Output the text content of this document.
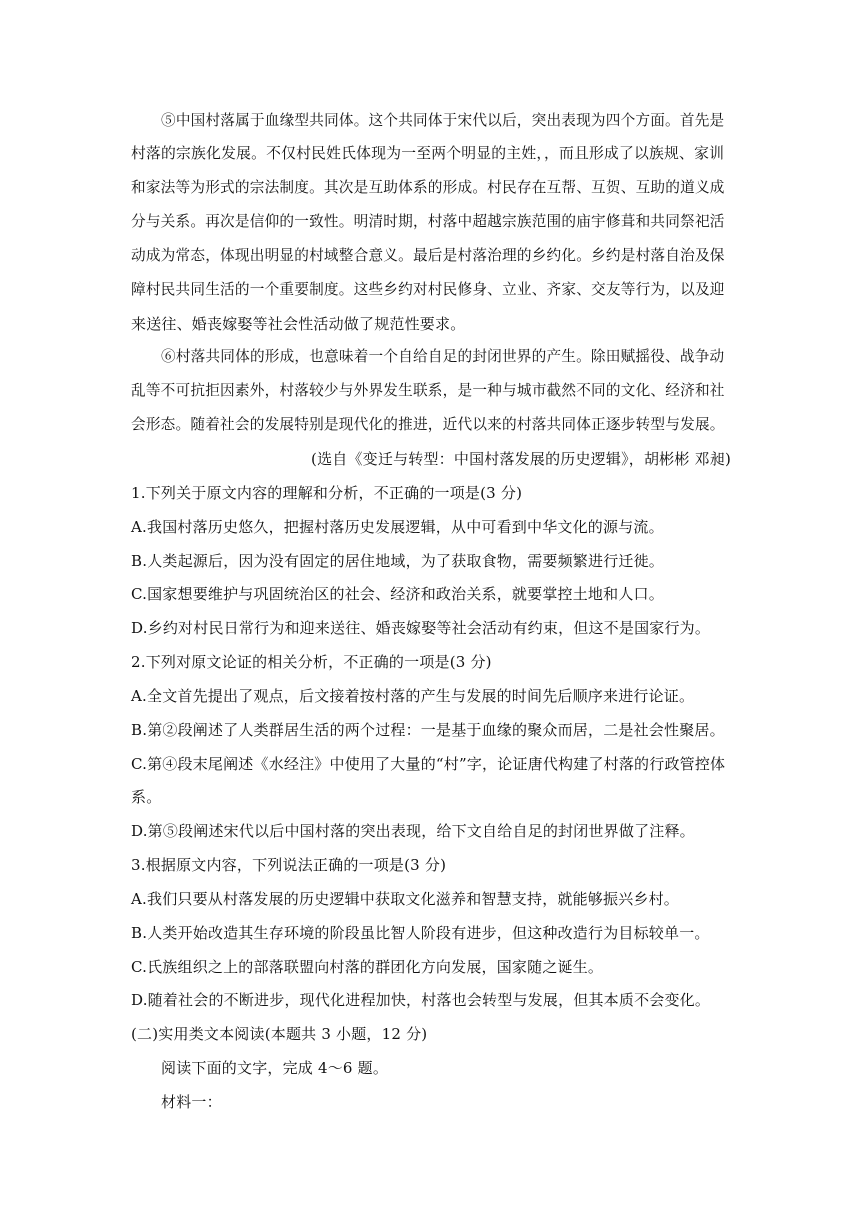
⑤中国村落属于血缘型共同体。这个共同体于宋代以后，突出表现为四个方面。首先是
村落的宗族化发展。不仅村民姓氏体现为一至两个明显的主姓，，而且形成了以族规、家训
和家法等为形式的宗法制度。其次是互助体系的形成。村民存在互帮、互贺、互助的道义成
分与关系。再次是信仰的一致性。明清时期，村落中超越宗族范围的庙宇修葺和共同祭祀活
动成为常态，体现出明显的村域整合意义。最后是村落治理的乡约化。乡约是村落自治及保
障村民共同生活的一个重要制度。这些乡约对村民修身、立业、齐家、交友等行为，以及迎
来送往、婚丧嫁娶等社会性活动做了规范性要求。
⑥村落共同体的形成，也意味着一个自给自足的封闭世界的产生。除田赋摇役、战争动
乱等不可抗拒因素外，村落较少与外界发生联系，是一种与城市截然不同的文化、经济和社
会形态。随着社会的发展特别是现代化的推进，近代以来的村落共同体正逐步转型与发展。
(选自《变迁与转型：中国村落发展的历史逻辑》，胡彬彬 邓昶)
1.下列关于原文内容的理解和分析，不正确的一项是(3 分)
A.我国村落历史悠久，把握村落历史发展逻辑，从中可看到中华文化的源与流。
B.人类起源后，因为没有固定的居住地域，为了获取食物，需要频繁进行迁徙。
C.国家想要维护与巩固统治区的社会、经济和政治关系，就要掌控土地和人口。
D.乡约对村民日常行为和迎来送往、婚丧嫁娶等社会活动有约束，但这不是国家行为。
2.下列对原文论证的相关分析，不正确的一项是(3 分)
A.全文首先提出了观点，后文接着按村落的产生与发展的时间先后顺序来进行论证。
B.第②段阐述了人类群居生活的两个过程：一是基于血缘的聚众而居，二是社会性聚居。
C.第④段末尾阐述《水经注》中使用了大量的“村”字，论证唐代构建了村落的行政管控体
系。
D.第⑤段阐述宋代以后中国村落的突出表现，给下文自给自足的封闭世界做了注释。
3.根据原文内容，下列说法正确的一项是(3 分)
A.我们只要从村落发展的历史逻辑中获取文化滋养和智慧支持，就能够振兴乡村。
B.人类开始改造其生存环境的阶段虽比智人阶段有进步，但这种改造行为目标较单一。
C.氏族组织之上的部落联盟向村落的群团化方向发展，国家随之诞生。
D.随着社会的不断进步，现代化进程加快，村落也会转型与发展，但其本质不会变化。
(二)实用类文本阅读(本题共 3 小题，12 分)
阅读下面的文字，完成 4～6 题。
材料一：
